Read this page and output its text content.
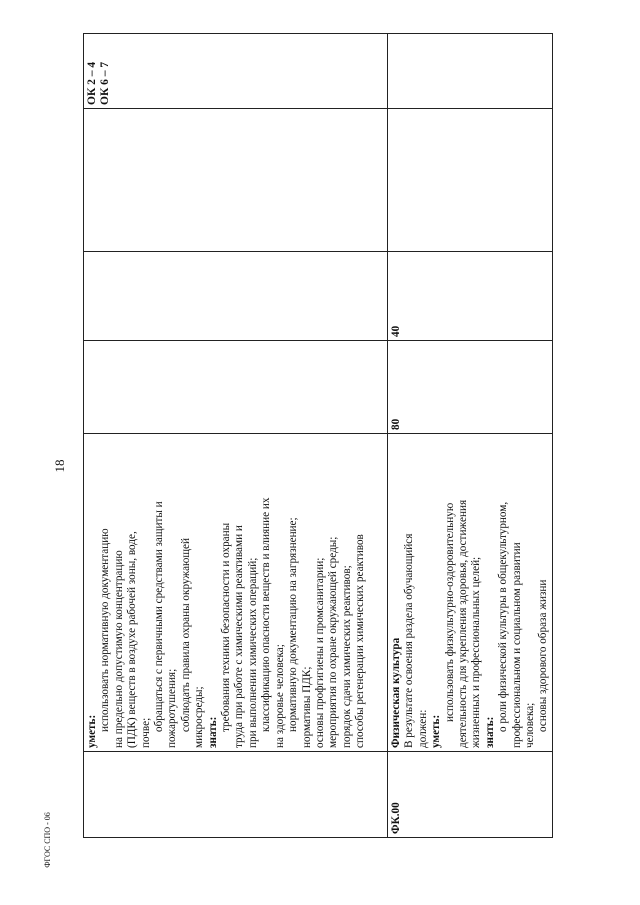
18
ФГОС СПО - 06

уметь: использовать нормативную документацию на предельно допустимую концентрацию (ПДК) веществ в воздухе рабочей зоны, воде, почве;

обращаться с первичными средствами защиты и пожаротушения; соблюдать правила охраны окружающей микросреды; знать:

требования техники безопасности и охраны труда при работе с химическими реактивами и при выполнении химических операций; классификацию опасности веществ и влияние их на здоровье человека; нормативную документацию на загрязнение; нормативы ПДК; основы профгигиены и промсанитарии; мероприятия по охране окружающей среды; порядок сдачи химических реактивов; способы регенерации химических реактивов

ОК 2 – 4
ОК 6 – 7
ФК.00

Физическая культура В результате освоения раздела обучающийся должен: уметь:

использовать физкультурно-оздоровительную деятельность для укрепления здоровья, достижения жизненных и профессиональных целей; знать:

о роли физической культуры в общекультурном, профессиональном и социальном развитии человека; основы здорового образа жизни

80
40
